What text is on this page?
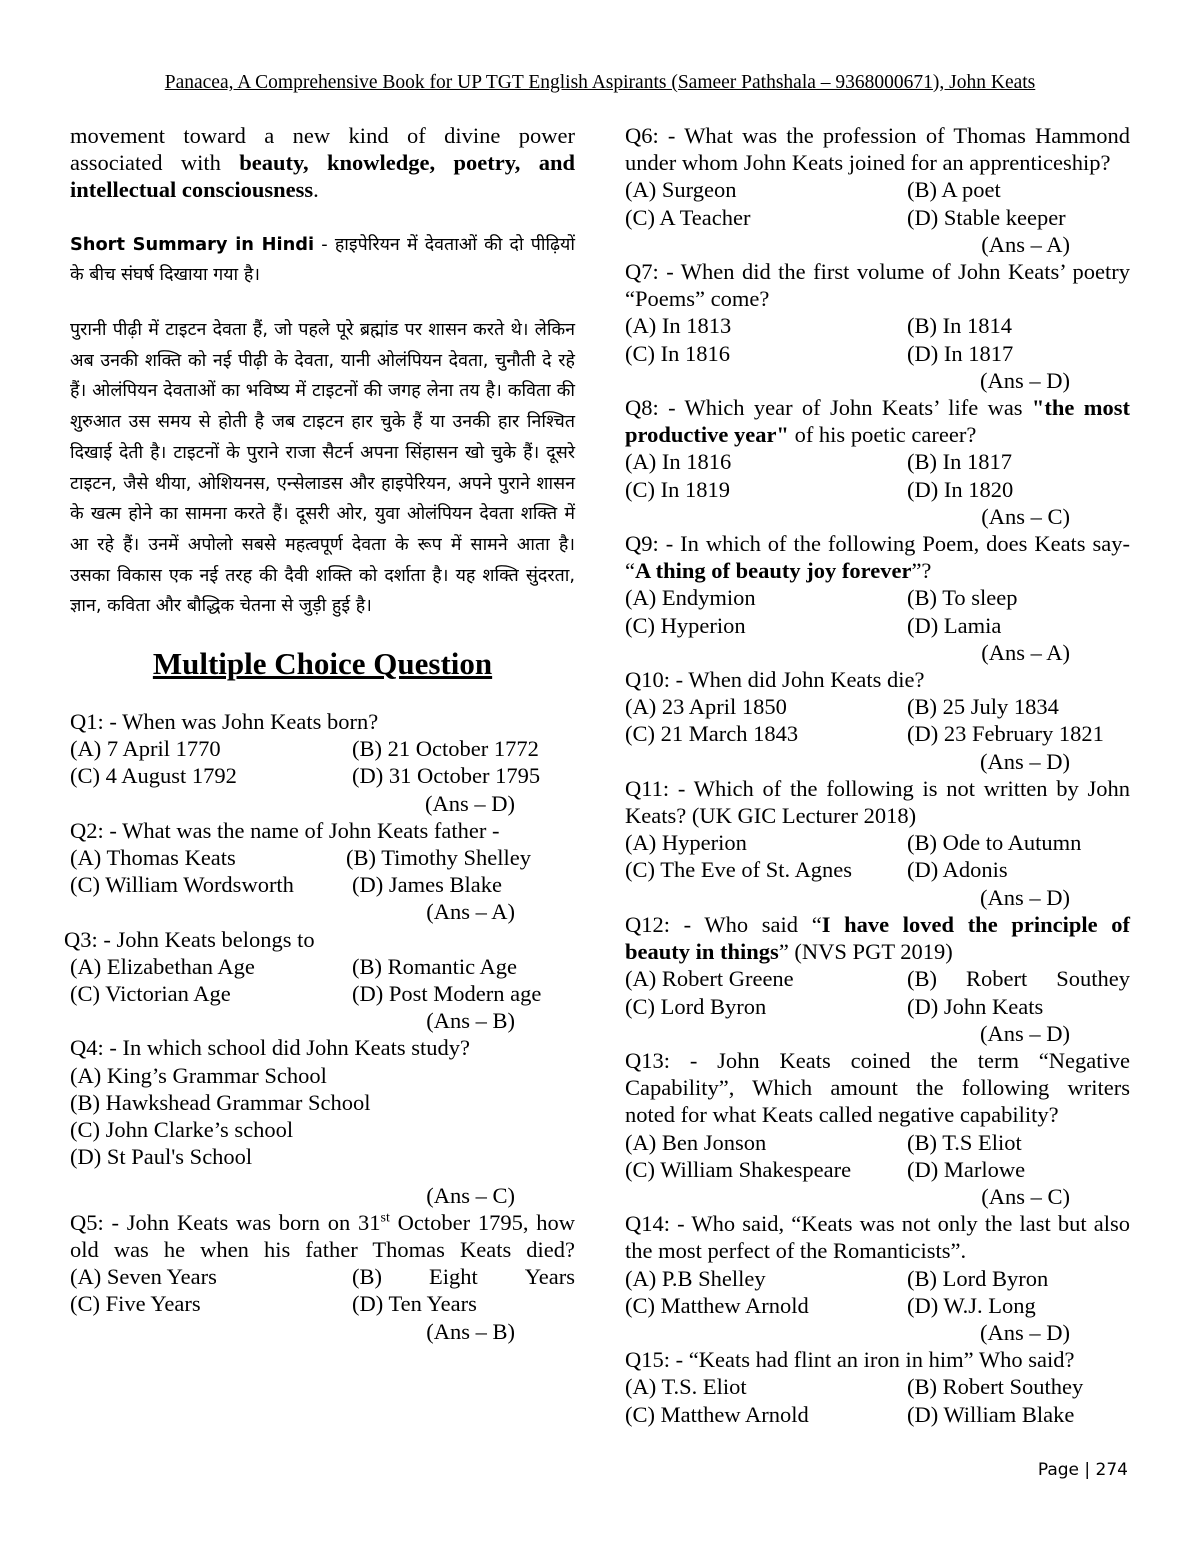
Panacea, A Comprehensive Book for UP TGT English Aspirants (Sameer Pathshala – 9368000671), John Keats
movement toward a new kind of divine power
associated with beauty, knowledge, poetry, and
intellectual consciousness.
Short Summary in Hindi - हाइपेरियन में देवताओं की दो पीढ़ियों के बीच संघर्ष दिखाया गया है।
पुरानी पीढ़ी में टाइटन देवता हैं, जो पहले पूरे ब्रह्मांड पर शासन करते थे। लेकिन अब उनकी शक्ति को नई पीढ़ी के देवता, यानी ओलंपियन देवता, चुनौती दे रहे हैं। ओलंपियन देवताओं का भविष्य में टाइटनों की जगह लेना तय है। कविता की शुरुआत उस समय से होती है जब टाइटन हार चुके हैं या उनकी हार निश्चित दिखाई देती है। टाइटनों के पुराने राजा सैटर्न अपना सिंहासन खो चुके हैं। दूसरे टाइटन, जैसे थीया, ओशियनस, एन्सेलाडस और हाइपेरियन, अपने पुराने शासन के खत्म होने का सामना करते हैं। दूसरी ओर, युवा ओलंपियन देवता शक्ति में आ रहे हैं। उनमें अपोलो सबसे महत्वपूर्ण देवता के रूप में सामने आता है। उसका विकास एक नई तरह की दैवी शक्ति को दर्शाता है। यह शक्ति सुंदरता, ज्ञान, कविता और बौद्धिक चेतना से जुड़ी हुई है।
Multiple Choice Question
Q1: - When was John Keats born?
(A) 7 April 1770	(B) 21 October 1772
(C) 4 August 1792	(D) 31 October 1795
(Ans – D)
Q2: - What was the name of John Keats father -
(A) Thomas Keats	(B) Timothy Shelley
(C) William Wordsworth	(D) James Blake
(Ans – A)
Q3: - John Keats belongs to
(A) Elizabethan Age	(B) Romantic Age
(C) Victorian Age	(D) Post Modern age
(Ans – B)
Q4: - In which school did John Keats study?
(A) King’s Grammar School
(B) Hawkshead Grammar School
(C) John Clarke’s school
(D) St Paul's School
(Ans – C)
Q5: - John Keats was born on 31st October 1795, how
old was he when his father Thomas Keats died?
(A) Seven Years	(B) Eight Years
(C) Five Years	(D) Ten Years
(Ans – B)
Q6: - What was the profession of Thomas Hammond
under whom John Keats joined for an apprenticeship?
(A) Surgeon	(B) A poet
(C) A Teacher	(D) Stable keeper
(Ans – A)
Q7: - When did the first volume of John Keats’ poetry
“Poems” come?
(A) In 1813	(B) In 1814
(C) In 1816	(D) In 1817
(Ans – D)
Q8: - Which year of John Keats’ life was "the most
productive year" of his poetic career?
(A) In 1816	(B) In 1817
(C) In 1819	(D) In 1820
(Ans – C)
Q9: - In which of the following Poem, does Keats say-
“A thing of beauty joy forever”?
(A) Endymion	(B) To sleep
(C) Hyperion	(D) Lamia
(Ans – A)
Q10: - When did John Keats die?
(A) 23 April 1850	(B) 25 July 1834
(C) 21 March 1843	(D) 23 February 1821
(Ans – D)
Q11: - Which of the following is not written by John
Keats? (UK GIC Lecturer 2018)
(A) Hyperion	(B) Ode to Autumn
(C) The Eve of St. Agnes	(D) Adonis
(Ans – D)
Q12: - Who said “I have loved the principle of
beauty in things” (NVS PGT 2019)
(A) Robert Greene	(B) Robert Southey
(C) Lord Byron	(D) John Keats
(Ans – D)
Q13: - John Keats coined the term “Negative
Capability”, Which amount the following writers
noted for what Keats called negative capability?
(A) Ben Jonson	(B) T.S Eliot
(C) William Shakespeare	(D) Marlowe
(Ans – C)
Q14: - Who said, “Keats was not only the last but also
the most perfect of the Romanticists”.
(A) P.B Shelley	(B) Lord Byron
(C) Matthew Arnold	(D) W.J. Long
(Ans – D)
Q15: - “Keats had flint an iron in him” Who said?
(A) T.S. Eliot	(B) Robert Southey
(C) Matthew Arnold	(D) William Blake
Page | 274
